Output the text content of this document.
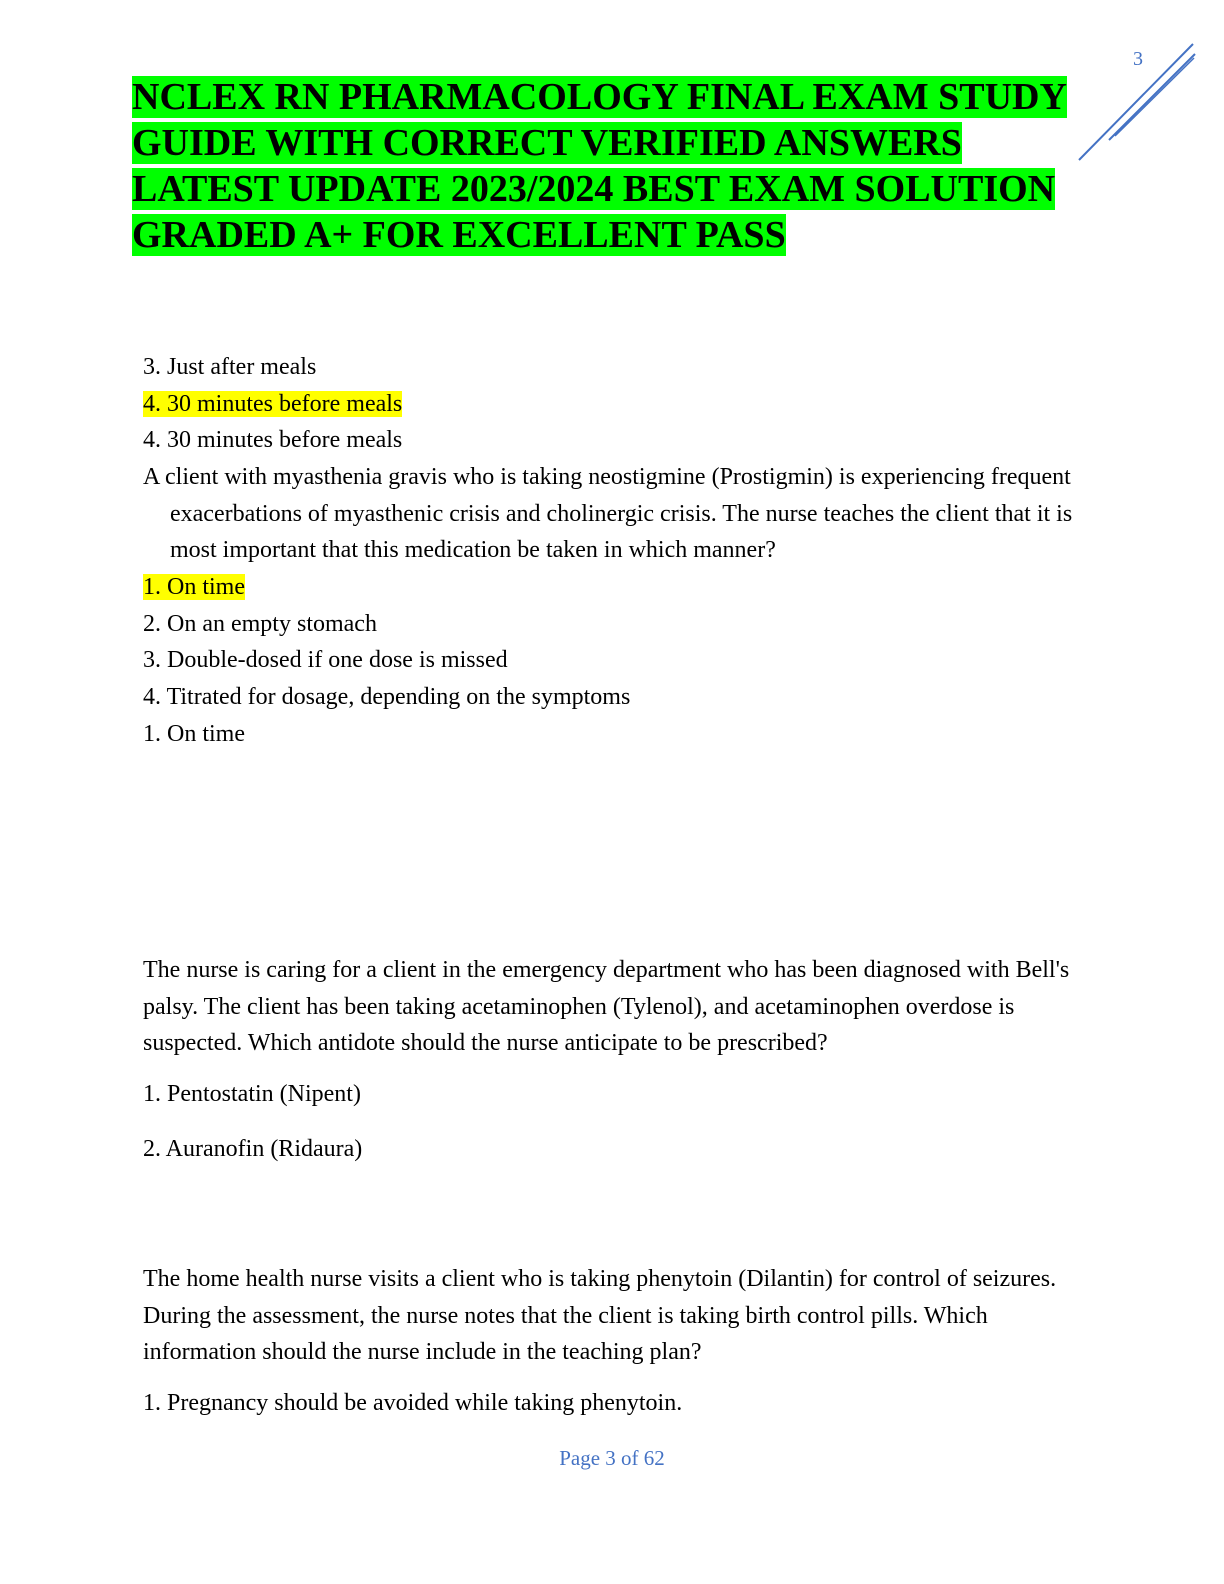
3
NCLEX RN PHARMACOLOGY FINAL EXAM STUDY GUIDE WITH CORRECT VERIFIED ANSWERS LATEST UPDATE 2023/2024 BEST EXAM SOLUTION GRADED A+ FOR EXCELLENT PASS
3. Just after meals
4. 30 minutes before meals
4. 30 minutes before meals
A client with myasthenia gravis who is taking neostigmine (Prostigmin) is experiencing frequent exacerbations of myasthenic crisis and cholinergic crisis. The nurse teaches the client that it is most important that this medication be taken in which manner?
1. On time
2. On an empty stomach
3. Double-dosed if one dose is missed
4. Titrated for dosage, depending on the symptoms
1. On time
The nurse is caring for a client in the emergency department who has been diagnosed with Bell's palsy. The client has been taking acetaminophen (Tylenol), and acetaminophen overdose is suspected. Which antidote should the nurse anticipate to be prescribed?
1. Pentostatin (Nipent)
2. Auranofin (Ridaura)
The home health nurse visits a client who is taking phenytoin (Dilantin) for control of seizures. During the assessment, the nurse notes that the client is taking birth control pills. Which information should the nurse include in the teaching plan?
1. Pregnancy should be avoided while taking phenytoin.
Page 3 of 62
